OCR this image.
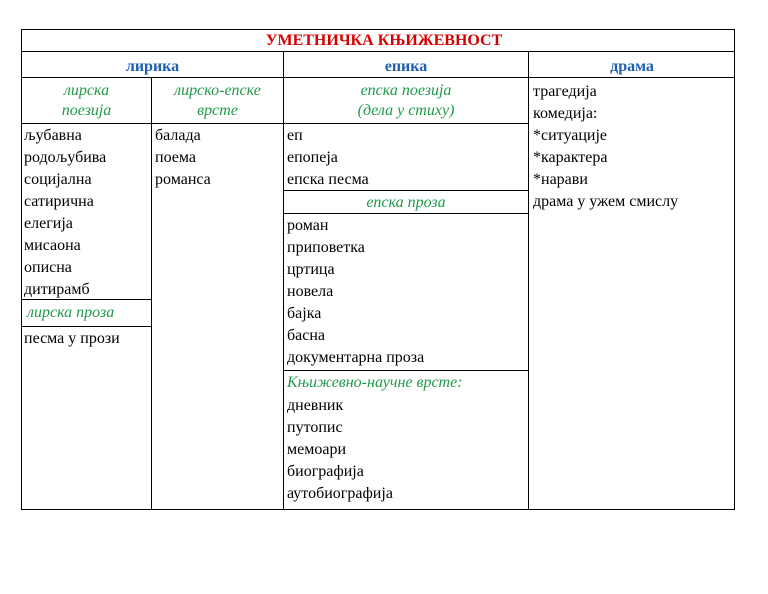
УМЕТНИЧКА КЊИЖЕВНОСТ
лирика	епика	драма
лирска
поезија
лирско-епске
врсте
епска поезија
(дела у стиху)
љубавна
родољубива
социјална
сатирична
елегија
мисаона
описна
дитирамб
лирска проза
песма у прози
балада
поема
романса
еп
епопеја
епска песма
епска проза
роман
приповетка
цртица
новела
бајка
басна
документарна проза
Књижевно-научне врсте:
дневник
путопис
мемоари
биографија
аутобиографија
трагедија
комедија:
*ситуације
*карактера
*нарави
драма у ужем смислу
